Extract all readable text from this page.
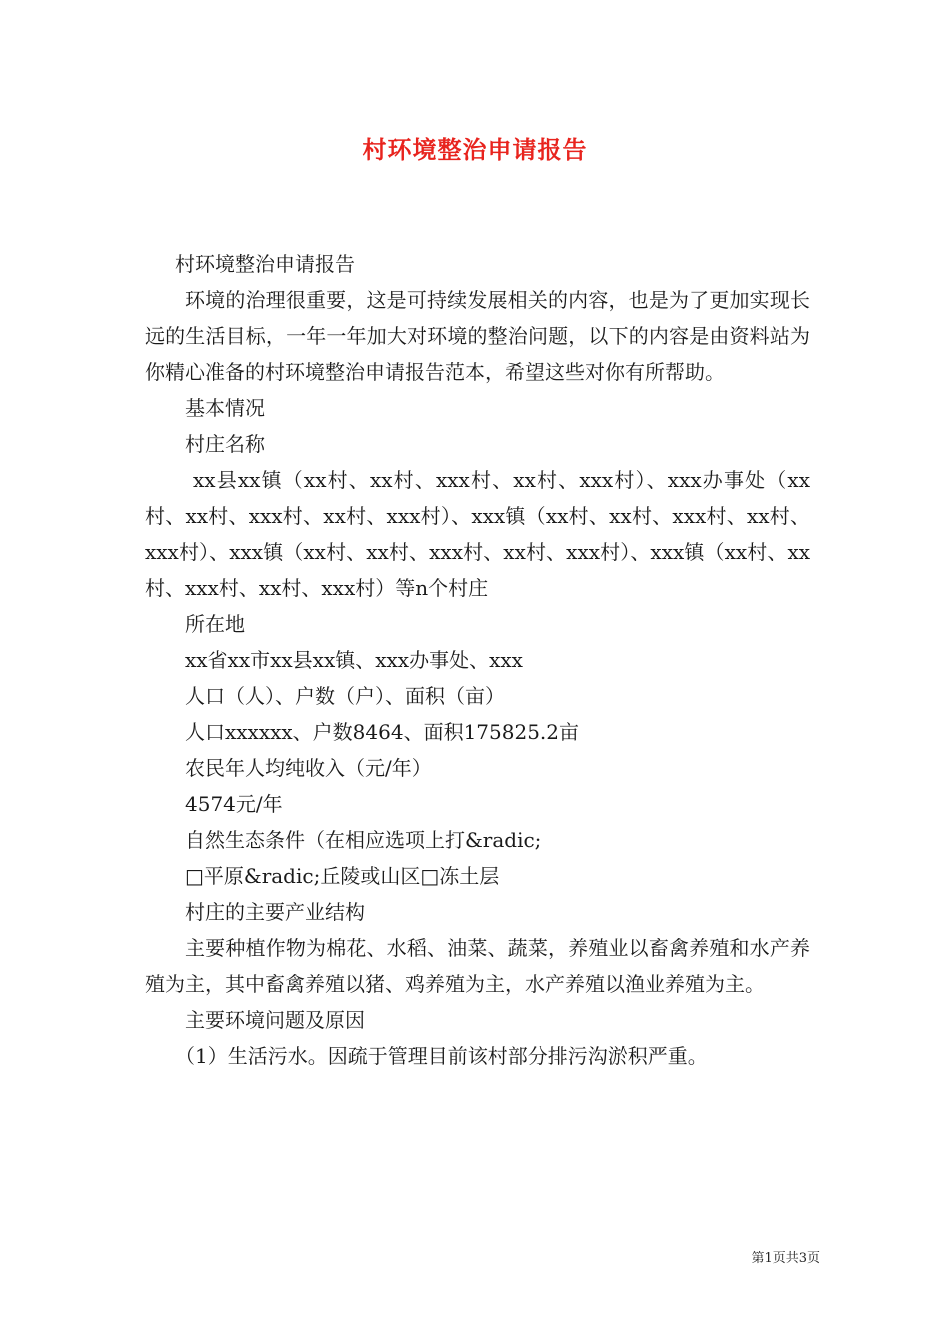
村环境整治申请报告

村环境整治申请报告

环境的治理很重要，这是可持续发展相关的内容，也是为了更加实现长远的生活目标，一年一年加大对环境的整治问题，以下的内容是由资料站为你精心准备的村环境整治申请报告范本，希望这些对你有所帮助。

基本情况

村庄名称

xx县xx镇（xx村、xx村、xxx村、xx村、xxx村）、xxx办事处（xx村、xx村、xxx村、xx村、xxx村）、xxx镇（xx村、xx村、xxx村、xx村、xxx村）、xxx镇（xx村、xx村、xxx村、xx村、xxx村）、xxx镇（xx村、xx村、xxx村、xx村、xxx村）等n个村庄

所在地

xx省xx市xx县xx镇、xxx办事处、xxx

人口（人）、户数（户）、面积（亩）

人口xxxxxx、户数8464、面积175825.2亩

农民年人均纯收入（元/年）

4574元/年

自然生态条件（在相应选项上打&radic;

□平原&radic;丘陵或山区□冻土层

村庄的主要产业结构

主要种植作物为棉花、水稻、油菜、蔬菜，养殖业以畜禽养殖和水产养殖为主，其中畜禽养殖以猪、鸡养殖为主，水产养殖以渔业养殖为主。

主要环境问题及原因

（1）生活污水。因疏于管理目前该村部分排污沟淤积严重。

第1页共3页
